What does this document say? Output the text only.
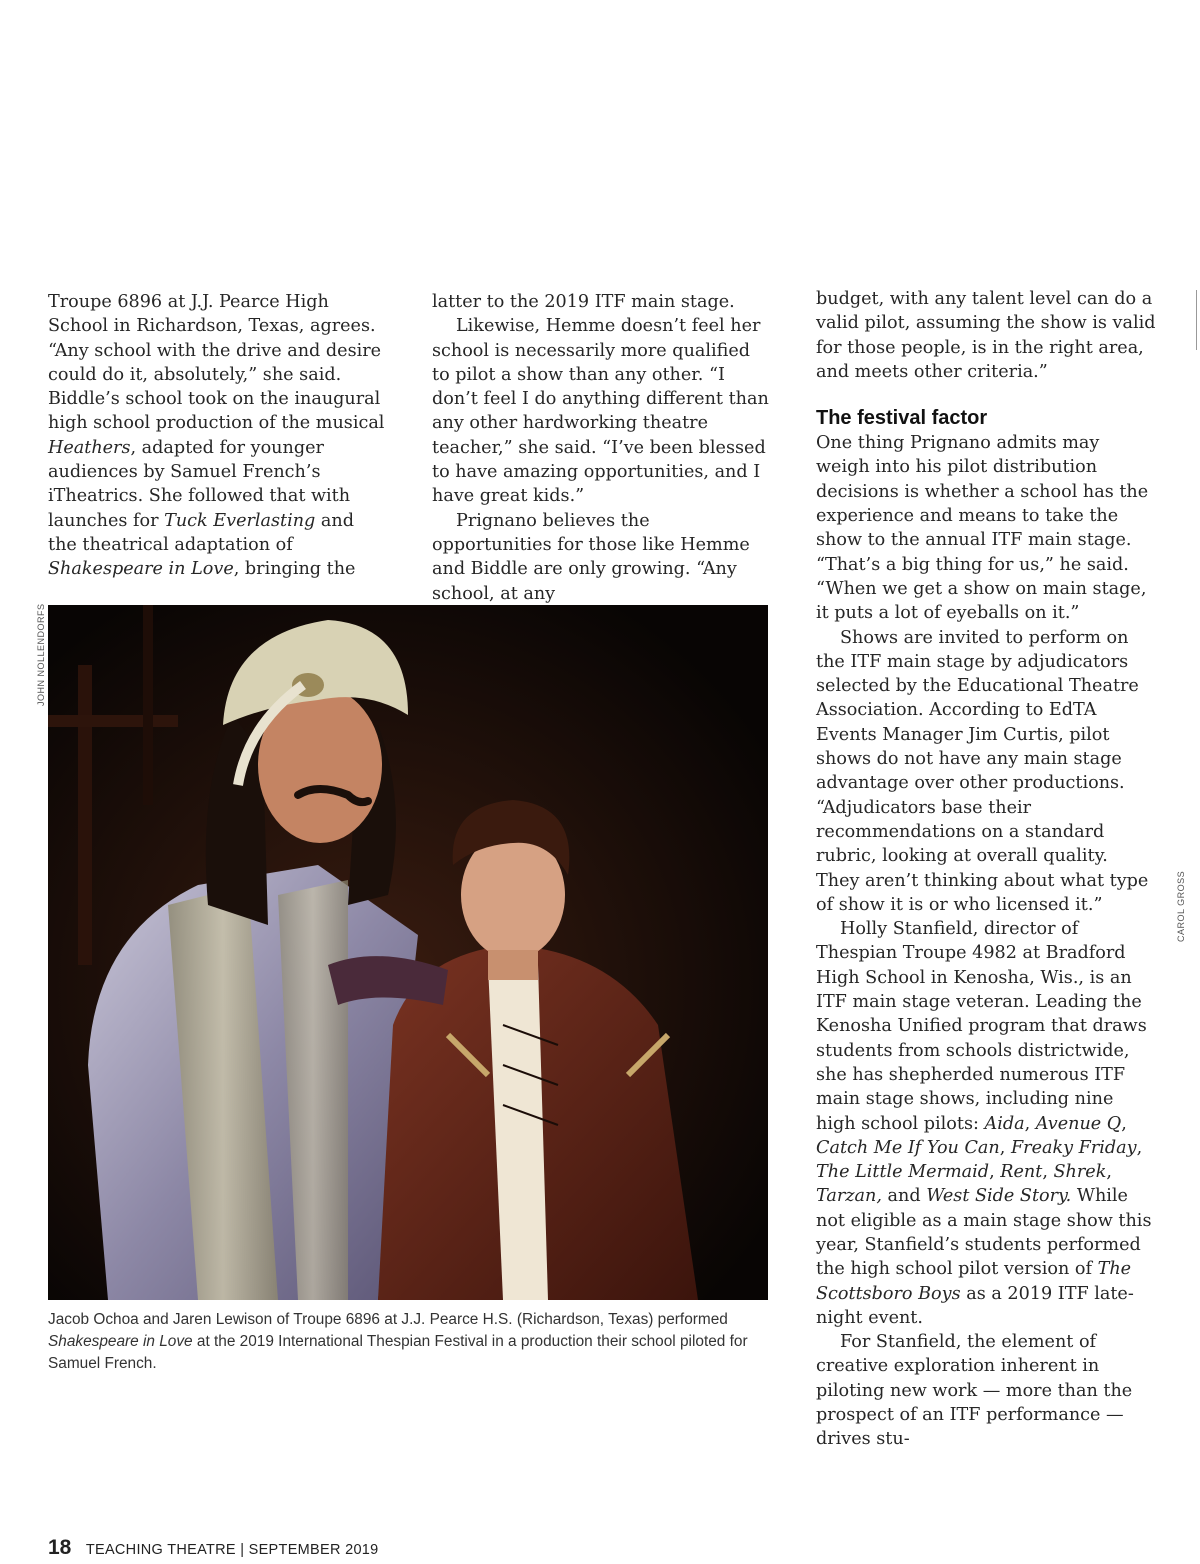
Troupe 6896 at J.J. Pearce High School in Richardson, Texas, agrees. “Any school with the drive and desire could do it, absolutely,” she said. Biddle’s school took on the inaugural high school production of the musical Heathers, adapted for younger audiences by Samuel French’s iTheatrics. She followed that with launches for Tuck Everlasting and the theatrical adaptation of Shakespeare in Love, bringing the

latter to the 2019 ITF main stage.

Likewise, Hemme doesn’t feel her school is necessarily more qualified to pilot a show than any other. “I don’t feel I do anything different than any other hardworking theatre teacher,” she said. “I’ve been blessed to have amazing opportunities, and I have great kids.”

Prignano believes the opportunities for those like Hemme and Biddle are only growing. “Any school, at any

budget, with any talent level can do a valid pilot, assuming the show is valid for those people, is in the right area, and meets other criteria.”

The festival factor

One thing Prignano admits may weigh into his pilot distribution decisions is whether a school has the experience and means to take the show to the annual ITF main stage. “That’s a big thing for us,” he said. “When we get a show on main stage, it puts a lot of eyeballs on it.”

Shows are invited to perform on the ITF main stage by adjudicators selected by the Educational Theatre Association. According to EdTA Events Manager Jim Curtis, pilot shows do not have any main stage advantage over other productions. “Adjudicators base their recommendations on a standard rubric, looking at overall quality. They aren’t thinking about what type of show it is or who licensed it.”

Holly Stanfield, director of Thespian Troupe 4982 at Bradford High School in Kenosha, Wis., is an ITF main stage veteran. Leading the Kenosha Unified program that draws students from schools districtwide, she has shepherded numerous ITF main stage shows, including nine high school pilots: Aida, Avenue Q, Catch Me If You Can, Freaky Friday, The Little Mermaid, Rent, Shrek, Tarzan, and West Side Story. While not eligible as a main stage show this year, Stanfield’s students performed the high school pilot version of The Scottsboro Boys as a 2019 ITF late-night event.

For Stanfield, the element of creative exploration inherent in piloting new work — more than the prospect of an ITF performance — drives stu-

JOHN NOLLENDORFS
CAROL GROSS

Jacob Ochoa and Jaren Lewison of Troupe 6896 at J.J. Pearce H.S. (Richardson, Texas) performed Shakespeare in Love at the 2019 International Thespian Festival in a production their school piloted for Samuel French.

18 TEACHING THEATRE | SEPTEMBER 2019
